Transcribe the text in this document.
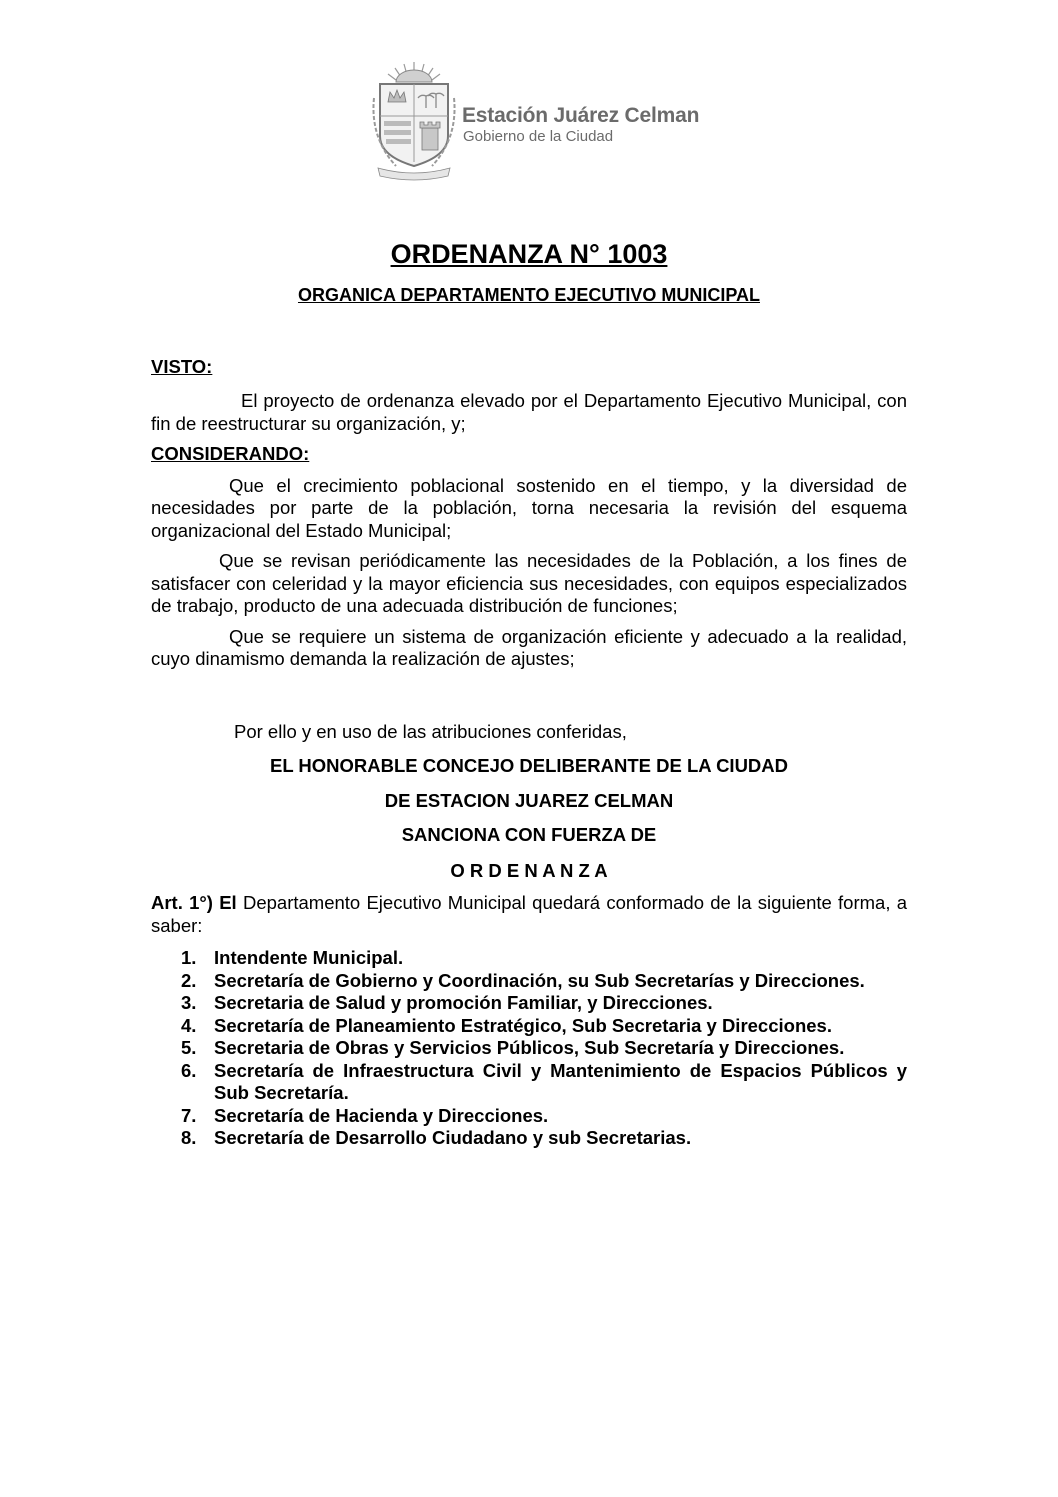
Estación Juárez Celman
Gobierno de la Ciudad
ORDENANZA N° 1003
ORGANICA DEPARTAMENTO EJECUTIVO MUNICIPAL
VISTO:
El proyecto de ordenanza elevado por el Departamento Ejecutivo Municipal, con fin de reestructurar su organización, y;
CONSIDERANDO:
Que el crecimiento poblacional sostenido en el tiempo, y la diversidad de necesidades por parte de la población, torna necesaria la revisión del esquema organizacional del Estado Municipal;
Que se revisan periódicamente las necesidades de la Población, a los fines de satisfacer con celeridad y la mayor eficiencia sus necesidades, con equipos especializados de trabajo, producto de una adecuada distribución de funciones;
Que se requiere un sistema de organización eficiente y adecuado a la realidad, cuyo dinamismo demanda la realización de ajustes;
Por ello y en uso de las atribuciones conferidas,
EL HONORABLE CONCEJO DELIBERANTE DE LA CIUDAD
DE ESTACION JUAREZ CELMAN
SANCIONA CON FUERZA DE
O R D E N A N Z A
Art. 1°) El Departamento Ejecutivo Municipal quedará conformado de la siguiente forma, a saber:
1. Intendente Municipal.
2. Secretaría de Gobierno y Coordinación, su Sub Secretarías y Direcciones.
3. Secretaria de Salud y promoción Familiar, y Direcciones.
4. Secretaría de Planeamiento Estratégico, Sub Secretaria y Direcciones.
5. Secretaria de Obras y Servicios Públicos, Sub Secretaría y Direcciones.
6. Secretaría de Infraestructura Civil y Mantenimiento de Espacios Públicos y Sub Secretaría.
7. Secretaría de Hacienda y Direcciones.
8. Secretaría de Desarrollo Ciudadano y sub Secretarias.
